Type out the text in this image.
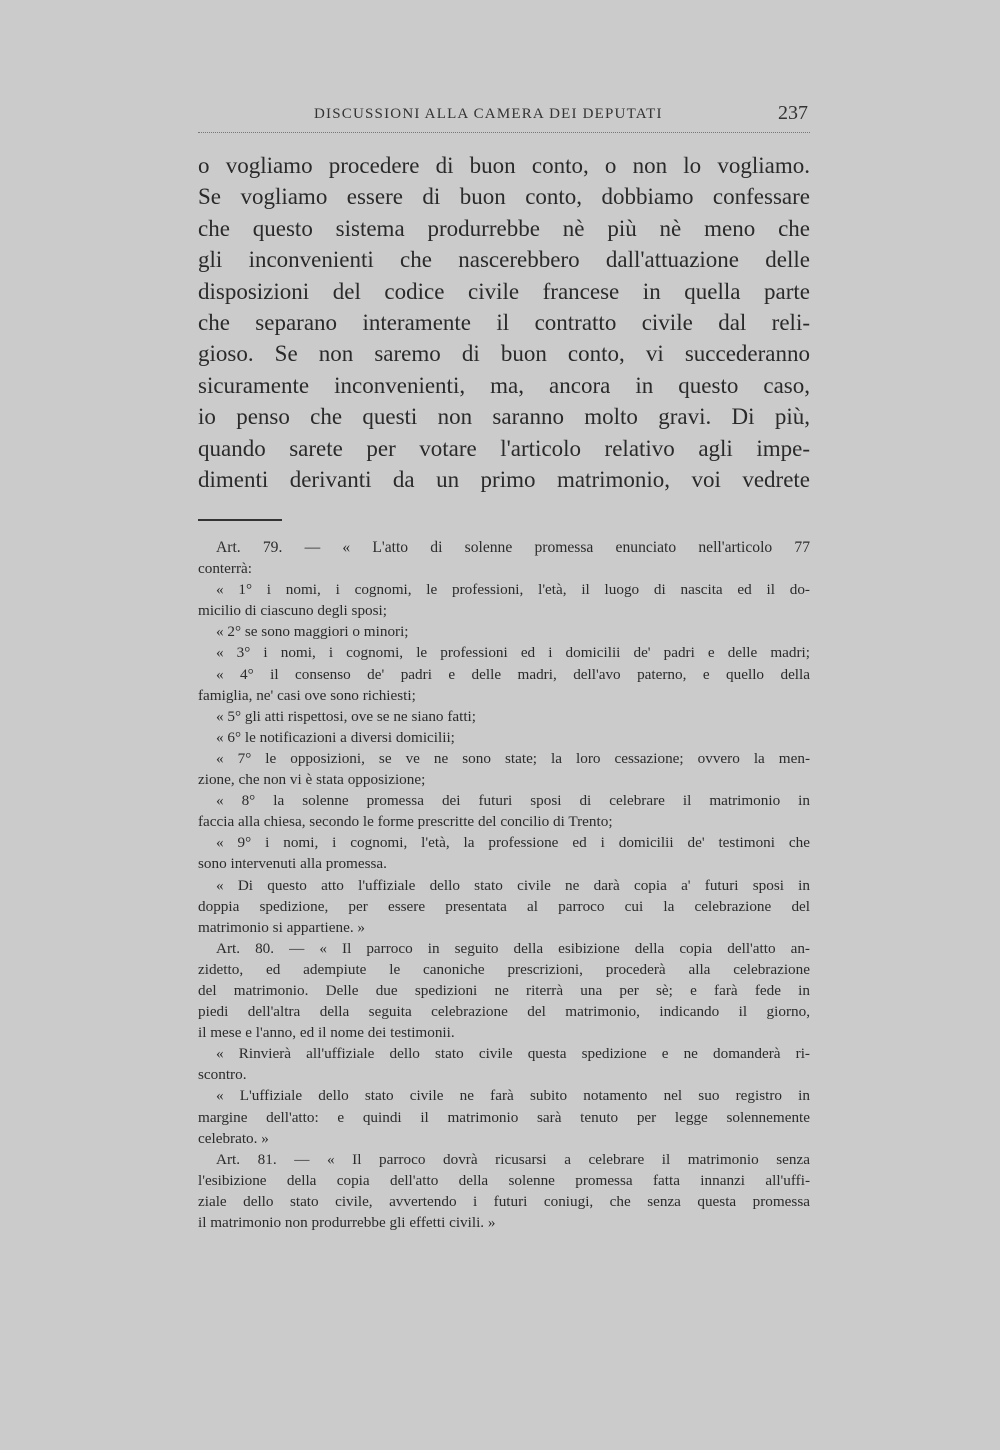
DISCUSSIONI ALLA CAMERA DEI DEPUTATI	237
o vogliamo procedere di buon conto, o non lo vogliamo.
Se vogliamo essere di buon conto, dobbiamo confessare
che questo sistema produrrebbe nè più nè meno che
gli inconvenienti che nascerebbero dall'attuazione delle
disposizioni del codice civile francese in quella parte
che separano interamente il contratto civile dal reli-
gioso. Se non saremo di buon conto, vi succederanno
sicuramente inconvenienti, ma, ancora in questo caso,
io penso che questi non saranno molto gravi. Di più,
quando sarete per votare l'articolo relativo agli impe-
dimenti derivanti da un primo matrimonio, voi vedrete
Art. 79. — « L'atto di solenne promessa enunciato nell'articolo 77
conterrà:
« 1° i nomi, i cognomi, le professioni, l'età, il luogo di nascita ed il do-
micilio di ciascuno degli sposi;
« 2° se sono maggiori o minori;
« 3° i nomi, i cognomi, le professioni ed i domicilii de' padri e delle madri;
« 4° il consenso de' padri e delle madri, dell'avo paterno, e quello della
famiglia, ne' casi ove sono richiesti;
« 5° gli atti rispettosi, ove se ne siano fatti;
« 6° le notificazioni a diversi domicilii;
« 7° le opposizioni, se ve ne sono state; la loro cessazione; ovvero la men-
zione, che non vi è stata opposizione;
« 8° la solenne promessa dei futuri sposi di celebrare il matrimonio in
faccia alla chiesa, secondo le forme prescritte del concilio di Trento;
« 9° i nomi, i cognomi, l'età, la professione ed i domicilii de' testimoni che
sono intervenuti alla promessa.
« Di questo atto l'uffiziale dello stato civile ne darà copia a' futuri sposi in
doppia spedizione, per essere presentata al parroco cui la celebrazione del
matrimonio si appartiene. »
Art. 80. — « Il parroco in seguito della esibizione della copia dell'atto an-
zidetto, ed adempiute le canoniche prescrizioni, procederà alla celebrazione
del matrimonio. Delle due spedizioni ne riterrà una per sè; e farà fede in
piedi dell'altra della seguita celebrazione del matrimonio, indicando il giorno,
il mese e l'anno, ed il nome dei testimonii.
« Rinvierà all'uffiziale dello stato civile questa spedizione e ne domanderà ri-
scontro.
« L'uffiziale dello stato civile ne farà subito notamento nel suo registro in
margine dell'atto: e quindi il matrimonio sarà tenuto per legge solennemente
celebrato. »
Art. 81. — « Il parroco dovrà ricusarsi a celebrare il matrimonio senza
l'esibizione della copia dell'atto della solenne promessa fatta innanzi all'uffi-
ziale dello stato civile, avvertendo i futuri coniugi, che senza questa promessa
il matrimonio non produrrebbe gli effetti civili. »
